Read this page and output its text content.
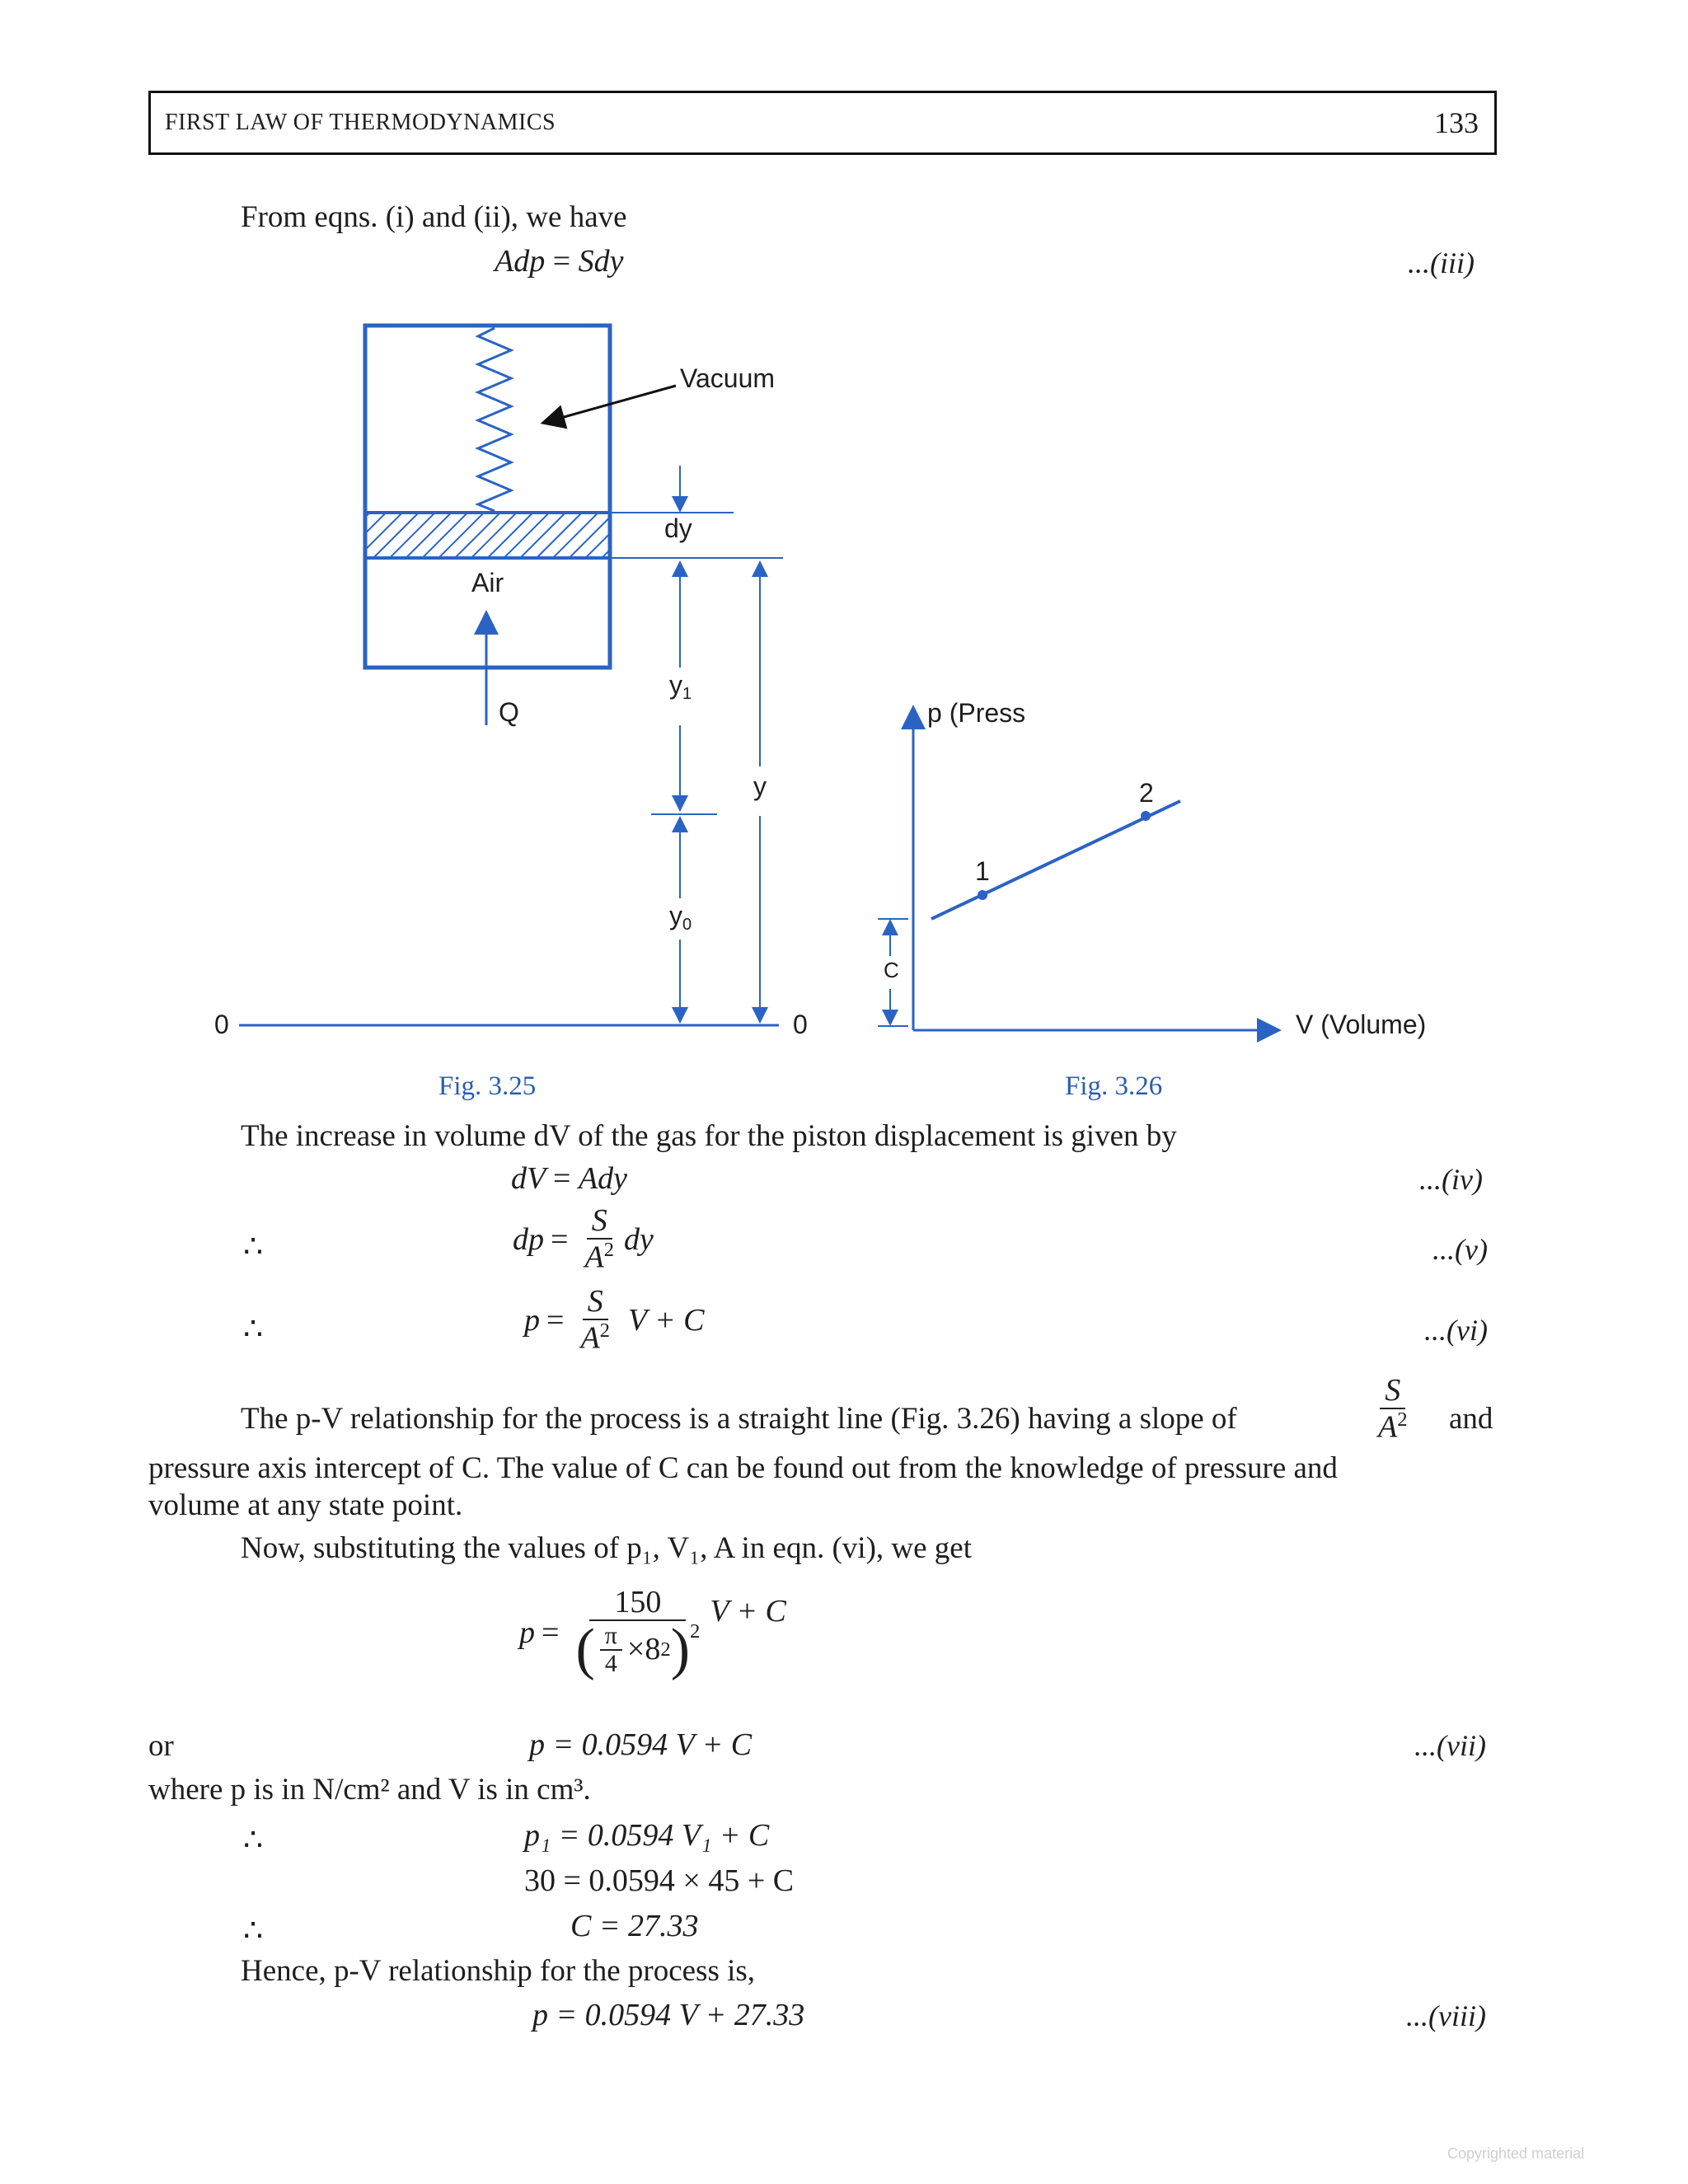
FIRST LAW OF THERMODYNAMICS	133
From eqns. (i) and (ii), we have
Adp = Sdy	...(iii)
Vacuum
dy
Air
Q
y1
y
y0
0	0
p (Press
V (Volume)
1
2
C
Fig. 3.25	Fig. 3.26
The increase in volume dV of the gas for the piston displacement is given by
dV = Ady	...(iv)
∴	dp = $\frac{S}{A^2}$ dy	...(v)
∴	$p = \frac{S}{A^2}$ V + C	...(vi)
The p-V relationship for the process is a straight line (Fig. 3.26) having a slope of	$\frac{S}{A^2}$ and
pressure axis intercept of C. The value of C can be found out from the knowledge of pressure and
volume at any state point.
Now, substituting the values of p₁, V₁, A in eqn. (vi), we get
p =
150
( $\frac{\pi}{4} \times 8$ 2 )$^2$
V + C
or	p = 0.0594 V + C	...(vii)
where p is in N/cm² and V is in cm³.
∴	p₁ = 0.0594 V₁ + C
30 = 0.0594 × 45 + C
∴	C = 27.33
Hence, p-V relationship for the process is,
p = 0.0594 V + 27.33	...(viii)
Copyrighted material
